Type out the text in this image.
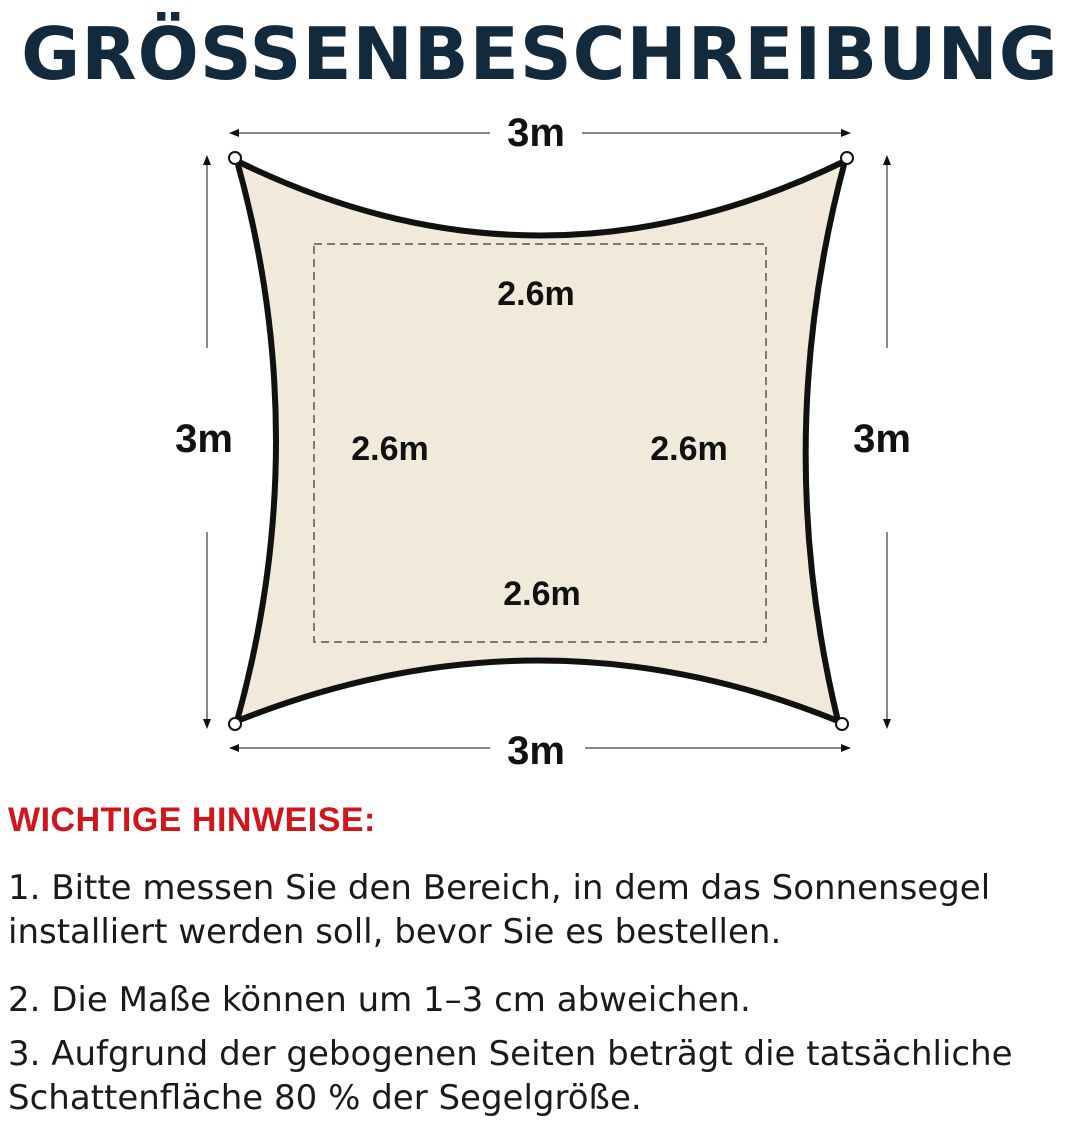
GRÖSSENBESCHREIBUNG
3m
3m
3m	3m
2.6m
2.6m
2.6m	2.6m
WICHTIGE HINWEISE:
1. Bitte messen Sie den Bereich, in dem das Sonnensegel installiert werden soll, bevor Sie es bestellen.
2. Die Maße können um 1–3 cm abweichen.
3. Aufgrund der gebogenen Seiten beträgt die tatsächliche Schattenfläche 80 % der Segelgröße.
